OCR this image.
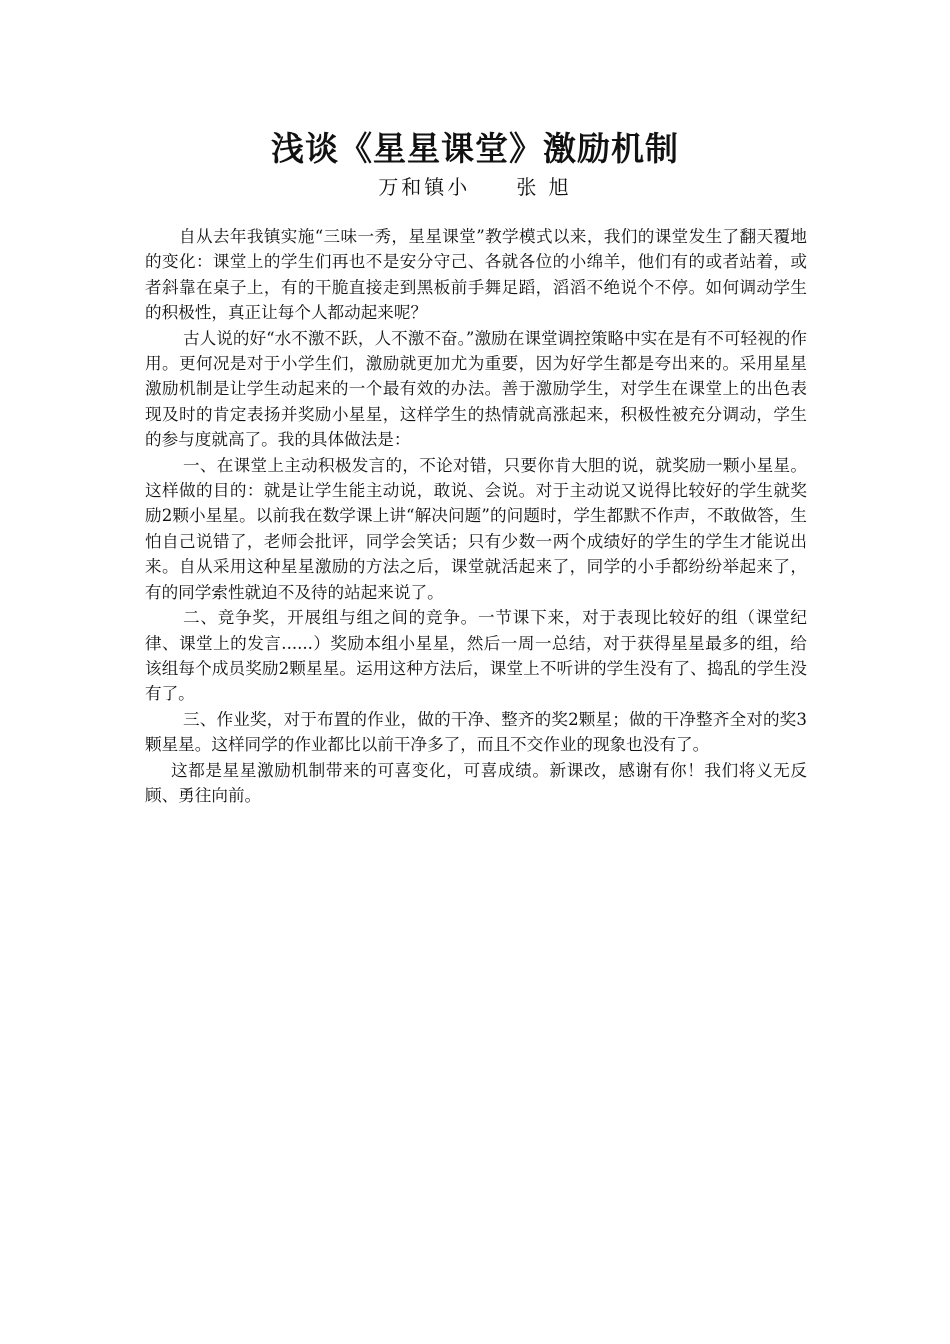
浅谈《星星课堂》激励机制
万和镇小 张 旭

自从去年我镇实施“三味一秀，星星课堂”教学模式以来，我们的课堂发生了翻天覆地的变化：课堂上的学生们再也不是安分守己、各就各位的小绵羊，他们有的或者站着，或者斜靠在桌子上，有的干脆直接走到黑板前手舞足蹈，滔滔不绝说个不停。如何调动学生的积极性，真正让每个人都动起来呢？

古人说的好“水不激不跃，人不激不奋。”激励在课堂调控策略中实在是有不可轻视的作用。更何况是对于小学生们，激励就更加尤为重要，因为好学生都是夸出来的。采用星星激励机制是让学生动起来的一个最有效的办法。善于激励学生，对学生在课堂上的出色表现及时的肯定表扬并奖励小星星，这样学生的热情就高涨起来，积极性被充分调动，学生的参与度就高了。我的具体做法是：

一、在课堂上主动积极发言的，不论对错，只要你肯大胆的说，就奖励一颗小星星。这样做的目的：就是让学生能主动说，敢说、会说。对于主动说又说得比较好的学生就奖励2颗小星星。以前我在数学课上讲“解决问题”的问题时，学生都默不作声，不敢做答，生怕自己说错了，老师会批评，同学会笑话；只有少数一两个成绩好的学生的学生才能说出来。自从采用这种星星激励的方法之后，课堂就活起来了，同学的小手都纷纷举起来了，有的同学索性就迫不及待的站起来说了。

二、竞争奖，开展组与组之间的竞争。一节课下来，对于表现比较好的组（课堂纪律、课堂上的发言......）奖励本组小星星，然后一周一总结，对于获得星星最多的组，给该组每个成员奖励2颗星星。运用这种方法后，课堂上不听讲的学生没有了、捣乱的学生没有了。

三、作业奖，对于布置的作业，做的干净、整齐的奖2颗星；做的干净整齐全对的奖3颗星星。这样同学的作业都比以前干净多了，而且不交作业的现象也没有了。

这都是星星激励机制带来的可喜变化，可喜成绩。新课改，感谢有你！我们将义无反顾、勇往向前。
